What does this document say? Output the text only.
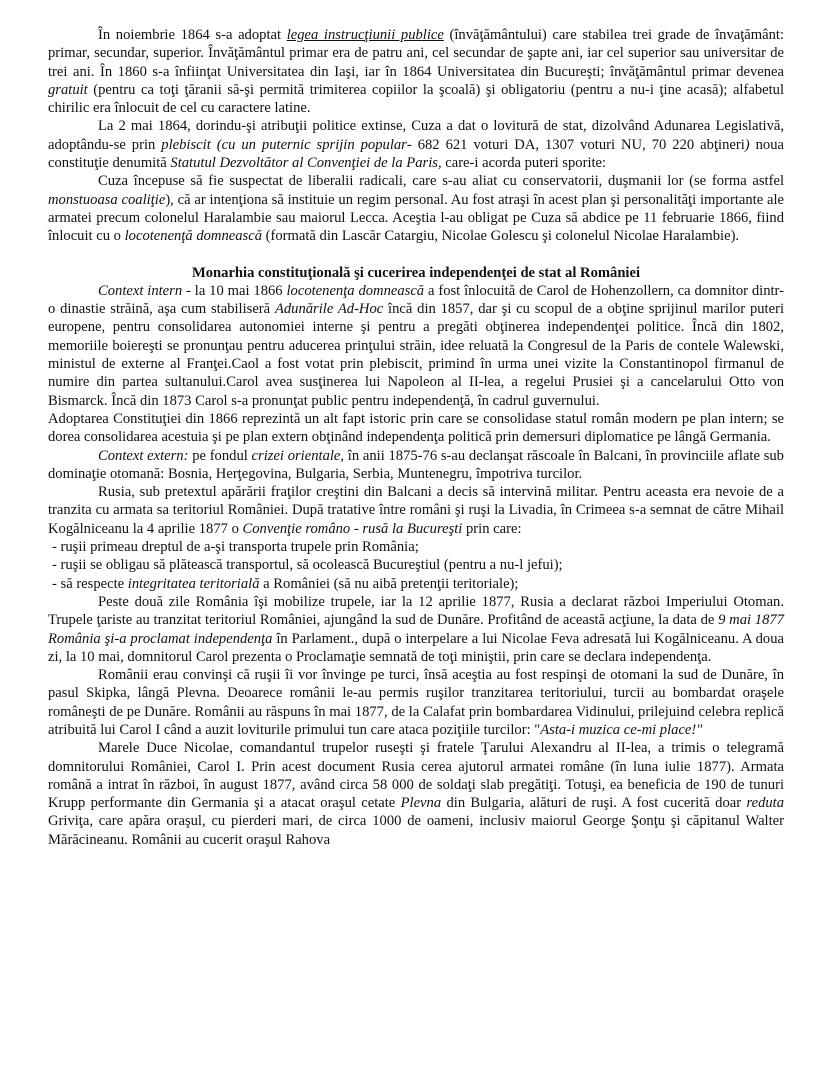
În noiembrie 1864 s-a adoptat legea instrucţiunii publice (învăţământului) care stabilea trei grade de învaţământ: primar, secundar, superior. Învăţământul primar era de patru ani, cel secundar de şapte ani, iar cel superior sau universitar de trei ani. În 1860 s-a înfiinţat Universitatea din Iaşi, iar în 1864 Universitatea din Bucureşti; învăţământul primar devenea gratuit (pentru ca toţi ţăranii să-şi permită trimiterea copiilor la şcoală) şi obligatoriu (pentru a nu-i ţine acasă); alfabetul chirilic era înlocuit de cel cu caractere latine.

La 2 mai 1864, dorindu-şi atribuţii politice extinse, Cuza a dat o lovitură de stat, dizolvând Adunarea Legislativă, adoptându-se prin plebiscit (cu un puternic sprijin popular- 682 621 voturi DA, 1307 voturi NU, 70 220 abţineri) noua constituţie denumită Statutul Dezvoltător al Convenţiei de la Paris, care-i acorda puteri sporite:

Cuza începuse să fie suspectat de liberalii radicali, care s-au aliat cu conservatorii, duşmanii lor (se forma astfel monstuoasa coaliţie), că ar intenţiona să instituie un regim personal. Au fost atraşi în acest plan şi personalităţi importante ale armatei precum colonelul Haralambie sau maiorul Lecca. Aceştia l-au obligat pe Cuza să abdice pe 11 februarie 1866, fiind înlocuit cu o locotenenţă domnească (formată din Lascăr Catargiu, Nicolae Golescu şi colonelul Nicolae Haralambie).

Monarhia constituţională şi cucerirea independenţei de stat al României

Context intern - la 10 mai 1866 locotenenţa domnească a fost înlocuită de Carol de Hohenzollern, ca domnitor dintr-o dinastie străină, aşa cum stabiliseră Adunările Ad-Hoc încă din 1857, dar şi cu scopul de a obţine sprijinul marilor puteri europene, pentru consolidarea autonomiei interne şi pentru a pregăti obţinerea independenţei politice. Încă din 1802, memoriile boiereşti se pronunţau pentru aducerea prinţului străin, idee reluată la Congresul de la Paris de contele Walewski, ministul de externe al Franţei.Caol a fost votat prin plebiscit, primind în urma unei vizite la Constantinopol firmanul de numire din partea sultanului.Carol avea susţinerea lui Napoleon al II-lea, a regelui Prusiei şi a cancelarului Otto von Bismarck. Încă din 1873 Carol s-a pronunţat public pentru independenţă, în cadrul guvernului.

Adoptarea Constituţiei din 1866 reprezintă un alt fapt istoric prin care se consolidase statul român modern pe plan intern; se dorea consolidarea acestuia şi pe plan extern obţinând independenţa politică prin demersuri diplomatice pe lângă Germania.

Context extern: pe fondul crizei orientale, în anii 1875-76 s-au declanşat răscoale în Balcani, în provinciile aflate sub dominaţie otomană: Bosnia, Herţegovina, Bulgaria, Serbia, Muntenegru, împotriva turcilor.

Rusia, sub pretextul apărării fraţilor creştini din Balcani a decis să intervină militar. Pentru aceasta era nevoie de a tranzita cu armata sa teritoriul României. După tratative între români şi ruşi la Livadia, în Crimeea s-a semnat de către Mihail Kogălniceanu la 4 aprilie 1877 o Convenţie româno - rusă la Bucureşti prin care:

- ruşii primeau dreptul de a-şi transporta trupele prin România;

- ruşii se obligau să plătească transportul, să ocolească Bucureştiul (pentru a nu-l jefui);

- să respecte integritatea teritorială a României (să nu aibă pretenţii teritoriale);

Peste două zile România îşi mobilize trupele, iar la 12 aprilie 1877, Rusia a declarat război Imperiului Otoman. Trupele ţariste au tranzitat teritoriul României, ajungând la sud de Dunăre. Profitând de această acţiune, la data de 9 mai 1877 România şi-a proclamat independenţa în Parlament., după o interpelare a lui Nicolae Feva adresată lui Kogălniceanu. A doua zi, la 10 mai, domnitorul Carol prezenta o Proclamaţie semnată de toţi miniştii, prin care se declara independenţa.

Românii erau convinşi că ruşii îi vor învinge pe turci, însă aceştia au fost respinşi de otomani la sud de Dunăre, în pasul Skipka, lângă Plevna. Deoarece românii le-au permis ruşilor tranzitarea teritoriului, turcii au bombardat oraşele româneşti de pe Dunăre. Românii au răspuns în mai 1877, de la Calafat prin bombardarea Vidinului, prilejuind celebra replică atribuită lui Carol I când a auzit loviturile primului tun care ataca poziţiile turcilor: "Asta-i muzica ce-mi place!"

Marele Duce Nicolae, comandantul trupelor ruseşti şi fratele Ţarului Alexandru al II-lea, a trimis o telegramă domnitorului României, Carol I. Prin acest document Rusia cerea ajutorul armatei române (în luna iulie 1877). Armata română a intrat în război, în august 1877, având circa 58 000 de soldaţi slab pregătiţi. Totuşi, ea beneficia de 190 de tunuri Krupp performante din Germania şi a atacat oraşul cetate Plevna din Bulgaria, alături de ruşi. A fost cucerită doar reduta Griviţa, care apăra oraşul, cu pierderi mari, de circa 1000 de oameni, inclusiv maiorul George Şonţu şi căpitanul Walter Mărăcineanu. Românii au cucerit oraşul Rahova
